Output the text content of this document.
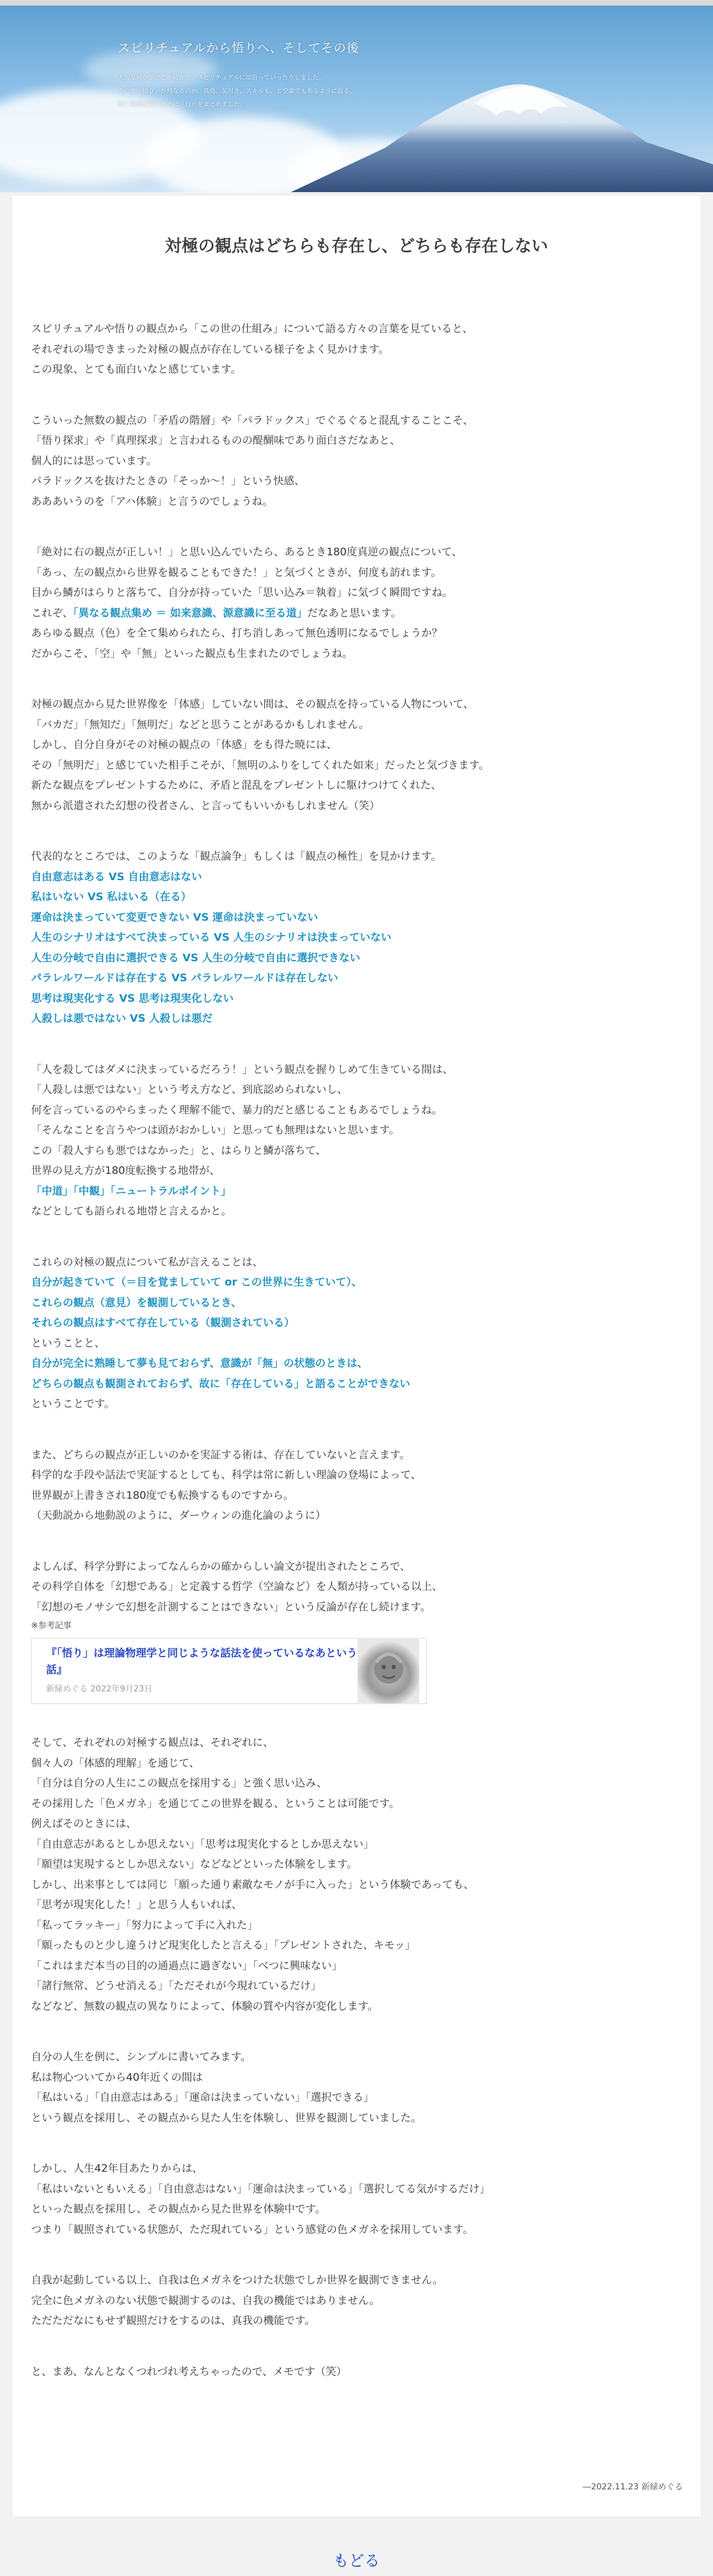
スピリチュアルから悟りへ、そしてその後
大切な何かがどこかに在り、スピリチュアルには沿っていったりしました。
その後「悟り」が何なるのか、真偽、気付き、スキルも、と空虚でもあるように揺る。
既に職務記録のために「行」をまとめました。
対極の観点はどちらも存在し、どちらも存在しない
スピリチュアルや悟りの観点から「この世の仕組み」について語る方々の言葉を見ていると、
それぞれの場できまった対極の観点が存在している様子をよく見かけます。
この現象、とても面白いなと感じています。
こういった無数の観点の「矛盾の階層」や「パラドックス」でぐるぐると混乱することこそ、
「悟り探求」や「真理探求」と言われるものの醍醐味であり面白さだなあと、
個人的には思っています。
パラドックスを抜けたときの「そっか〜！」という快感、
あああいうのを「アハ体験」と言うのでしょうね。
「絶対に右の観点が正しい！」と思い込んでいたら、あるとき180度真逆の観点について、
「あっ、左の観点から世界を観ることもできた！」と気づくときが、何度も訪れます。
目から鱗がはらりと落ちて、自分が持っていた「思い込み＝執着」に気づく瞬間ですね。
これぞ、「異なる観点集め ＝ 如来意識、源意識に至る道」だなあと思います。
あらゆる観点（色）を全て集められたら、打ち消しあって無色透明になるでしょうか？
だからこそ、「空」や「無」といった観点も生まれたのでしょうね。
対極の観点から見た世界像を「体感」していない間は、その観点を持っている人物について、
「バカだ」「無知だ」「無明だ」などと思うことがあるかもしれません。
しかし、自分自身がその対極の観点の「体感」をも得た暁には、
その「無明だ」と感じていた相手こそが、「無明のふりをしてくれた如来」だったと気づきます。
新たな観点をプレゼントするために、矛盾と混乱をプレゼントしに駆けつけてくれた、
無から派遣された幻想の役者さん、と言ってもいいかもしれません（笑）
代表的なところでは、このような「観点論争」もしくは「観点の極性」を見かけます。
自由意志はある VS 自由意志はない
私はいない VS 私はいる（在る）
運命は決まっていて変更できない VS 運命は決まっていない
人生のシナリオはすべて決まっている VS 人生のシナリオは決まっていない
人生の分岐で自由に選択できる VS 人生の分岐で自由に選択できない
パラレルワールドは存在する VS パラレルワールドは存在しない
思考は現実化する VS 思考は現実化しない
人殺しは悪ではない VS 人殺しは悪だ
「人を殺してはダメに決まっているだろう！」という観点を握りしめて生きている間は、
「人殺しは悪ではない」という考え方など、到底認められないし、
何を言っているのやらまったく理解不能で、暴力的だと感じることもあるでしょうね。
「そんなことを言うやつは頭がおかしい」と思っても無理はないと思います。
この「殺人すらも悪ではなかった」と、はらりと鱗が落ちて、
世界の見え方が180度転換する地帯が、
「中道」「中観」「ニュートラルポイント」
などとしても語られる地帯と言えるかと。
これらの対極の観点について私が言えることは、
自分が起きていて（＝目を覚ましていて or この世界に生きていて）、
これらの観点（意見）を観測しているとき、
それらの観点はすべて存在している（観測されている）
ということと、
自分が完全に熟睡して夢も見ておらず、意識が「無」の状態のときは、
どちらの観点も観測されておらず、故に「存在している」と語ることができない
ということです。
また、どちらの観点が正しいのかを実証する術は、存在していないと言えます。
科学的な手段や話法で実証するとしても、科学は常に新しい理論の登場によって、
世界観が上書きされ180度でも転換するものですから。
（天動説から地動説のように、ダーウィンの進化論のように）
よしんば、科学分野によってなんらかの確からしい論文が提出されたところで、
その科学自体を「幻想である」と定義する哲学（空論など）を人類が持っている以上、
「幻想のモノサシで幻想を計測することはできない」という反論が存在し続けます。
※参考記事
『「悟り」は理論物理学と同じような話法を使っているなあという話』
新緑めぐる 2022年9月23日
そして、それぞれの対極する観点は、それぞれに、
個々人の「体感的理解」を通じて、
「自分は自分の人生にこの観点を採用する」と強く思い込み、
その採用した「色メガネ」を通じてこの世界を観る、ということは可能です。
例えばそのときには、
「自由意志があるとしか思えない」「思考は現実化するとしか思えない」
「願望は実現するとしか思えない」などなどといった体験をします。
しかし、出来事としては同じ「願った通り素敵なモノが手に入った」という体験であっても、
「思考が現実化した！」と思う人もいれば、
「私ってラッキー」「努力によって手に入れた」
「願ったものと少し違うけど現実化したと言える」「プレゼントされた、キモッ」
「これはまだ本当の目的の通過点に過ぎない」「べつに興味ない」
「諸行無常、どうせ消える」「ただそれが今現れているだけ」
などなど、無数の観点の異なりによって、体験の質や内容が変化します。
自分の人生を例に、シンプルに書いてみます。
私は物心ついてから40年近くの間は
「私はいる」「自由意志はある」「運命は決まっていない」「選択できる」
という観点を採用し、その観点から見た人生を体験し、世界を観測していました。
しかし、人生42年目あたりからは、
「私はいないともいえる」「自由意志はない」「運命は決まっている」「選択してる気がするだけ」
といった観点を採用し、その観点から見た世界を体験中です。
つまり「観照されている状態が、ただ現れている」という感覚の色メガネを採用しています。
自我が起動している以上、自我は色メガネをつけた状態でしか世界を観測できません。
完全に色メガネのない状態で観測するのは、自我の機能ではありません。
ただただなにもせず観照だけをするのは、真我の機能です。
と、まあ、なんとなくつれづれ考えちゃったので、メモです（笑）
―2022.11.23 新緑めぐる
もどる
